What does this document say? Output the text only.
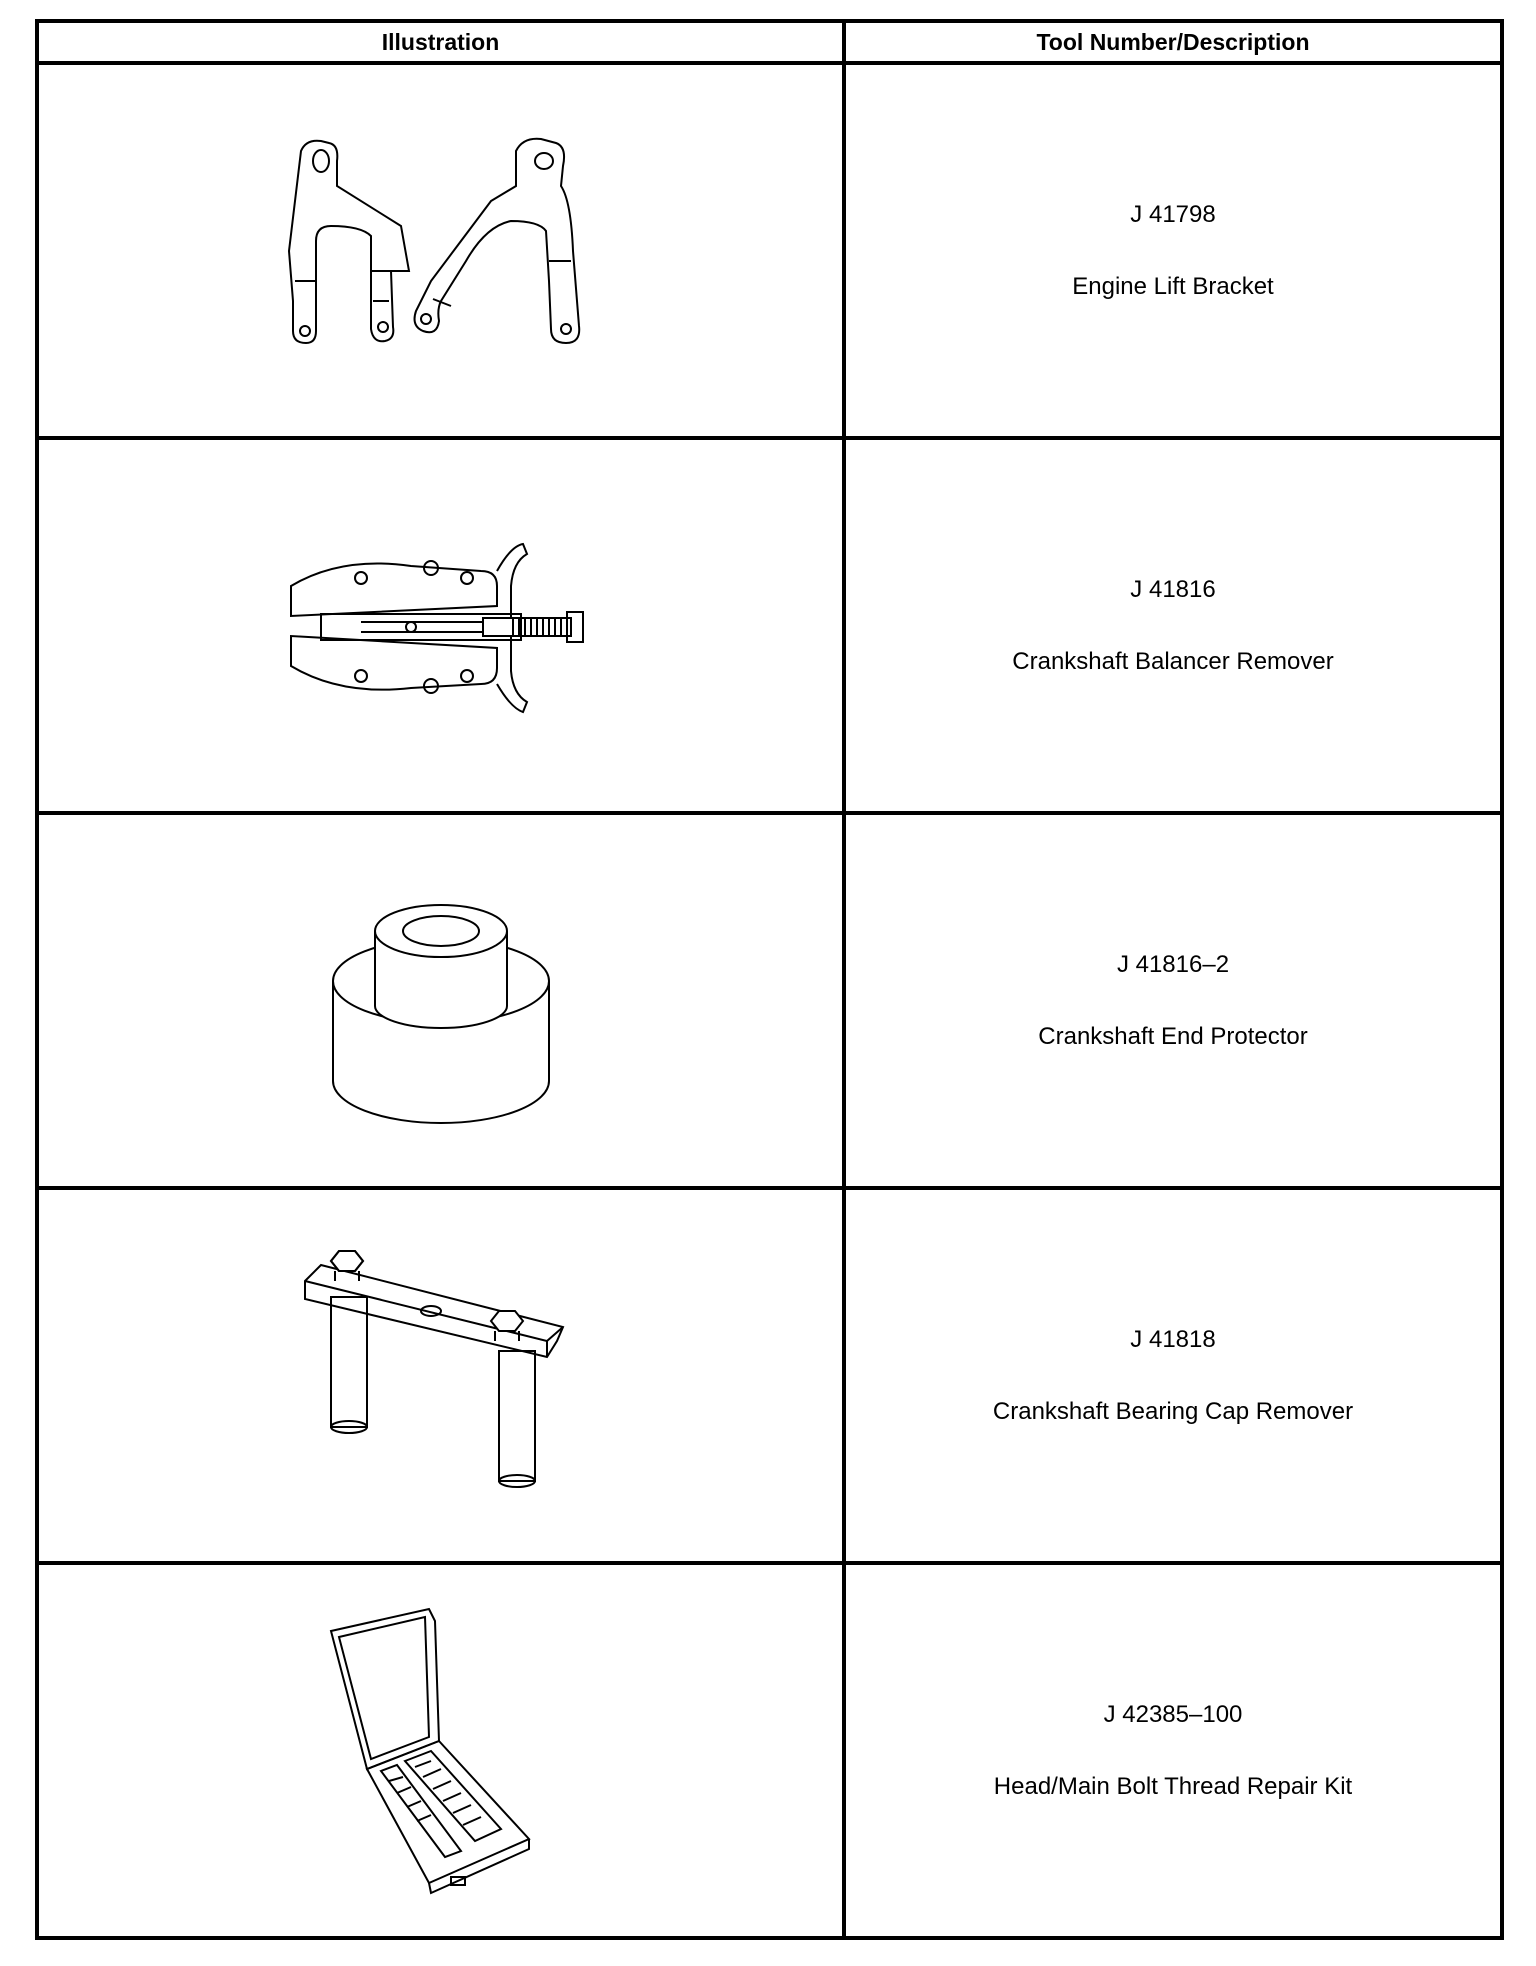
Illustration	Tool Number/Description

J 41798
Engine Lift Bracket

J 41816
Crankshaft Balancer Remover

J 41816–2
Crankshaft End Protector

J 41818
Crankshaft Bearing Cap Remover

J 42385–100
Head/Main Bolt Thread Repair Kit
